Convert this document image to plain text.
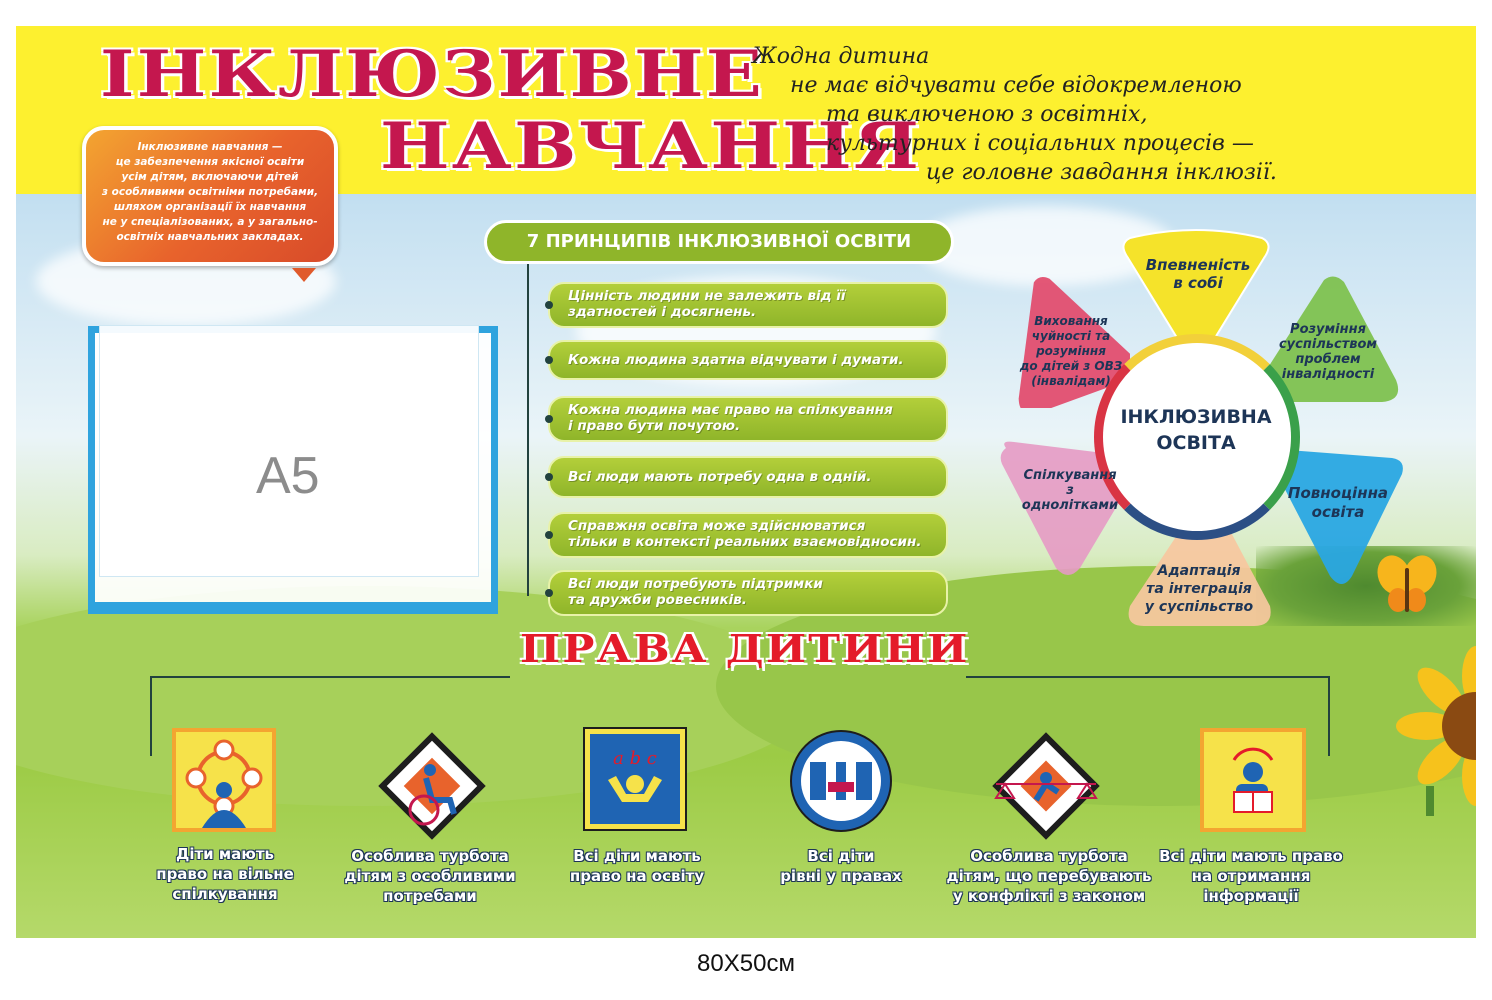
ІНКЛЮЗИВНЕ
НАВЧАННЯ

Жодна дитина

не має відчувати себе відокремленою

та виключеною з освітніх,

культурних і соціальних процесів —

це головне завдання інклюзії.

Інклюзивне навчання —
це забезпечення якісної освіти
усім дітям, включаючи дітей
з особливими освітніми потребами,
шляхом організації їх навчання
не у спеціалізованих, а у загально-
освітніх навчальних закладах.
А5
7 ПРИНЦИПІВ ІНКЛЮЗИВНОЇ ОСВІТИ
Цінність людини не залежить від її
здатностей і досягнень.
Кожна людина здатна відчувати і думати.
Кожна людина має право на спілкування
і право бути почутою.
Всі люди мають потребу одна в одній.
Справжня освіта може здійснюватися
тільки в контексті реальних взаємовідносин.
Всі люди потребують підтримки
та дружби ровесників.
ІНКЛЮЗИВНА
ОСВІТА
Впевненість
в собі
Розуміння
суспільством
проблем
інвалідності
Повноцінна
освіта
Адаптація
та інтеграція
у суспільство
Спілкування
з
однолітками
Виховання
чуйності та
розуміння
до дітей з ОВЗ
(інвалідам)
ПРАВА ДИТИНИ
a b c
Діти мають
право на вільне
спілкування
Особлива турбота
дітям з особливими
потребами
Всі діти мають
право на освіту
Всі діти
рівні у правах
Особлива турбота
дітям, що перебувають
у конфлікті з законом
Всі діти мають право
на отримання
інформації
80Х50см
